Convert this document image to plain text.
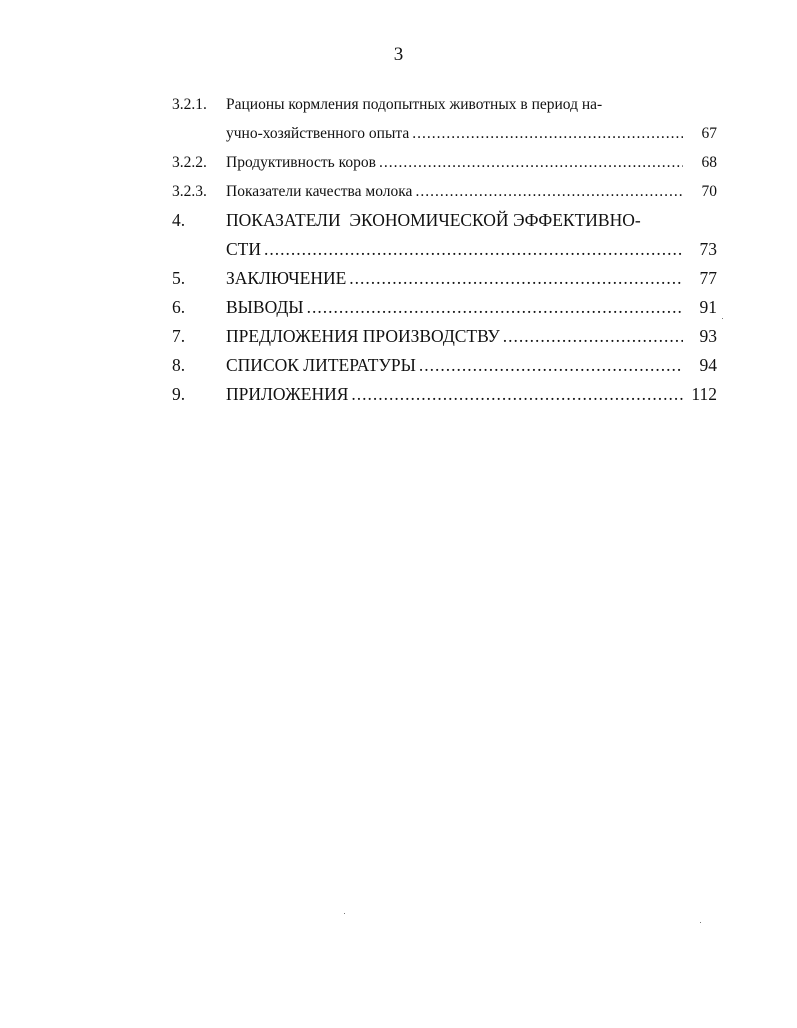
3
3.2.1.	Рационы кормления подопытных животных в период на-
учно-хозяйственного опыта .....	67
3.2.2.	Продуктивность коров .....	68
3.2.3.	Показатели качества молока .....	70
4.	ПОКАЗАТЕЛИ  ЭКОНОМИЧЕСКОЙ ЭФФЕКТИВНО-
СТИ .....	73
5.	ЗАКЛЮЧЕНИЕ .....	77
6.	ВЫВОДЫ .....	91
7.	ПРЕДЛОЖЕНИЯ ПРОИЗВОДСТВУ .....	93
8.	СПИСОК ЛИТЕРАТУРЫ .....	94
9.	ПРИЛОЖЕНИЯ .....	112
